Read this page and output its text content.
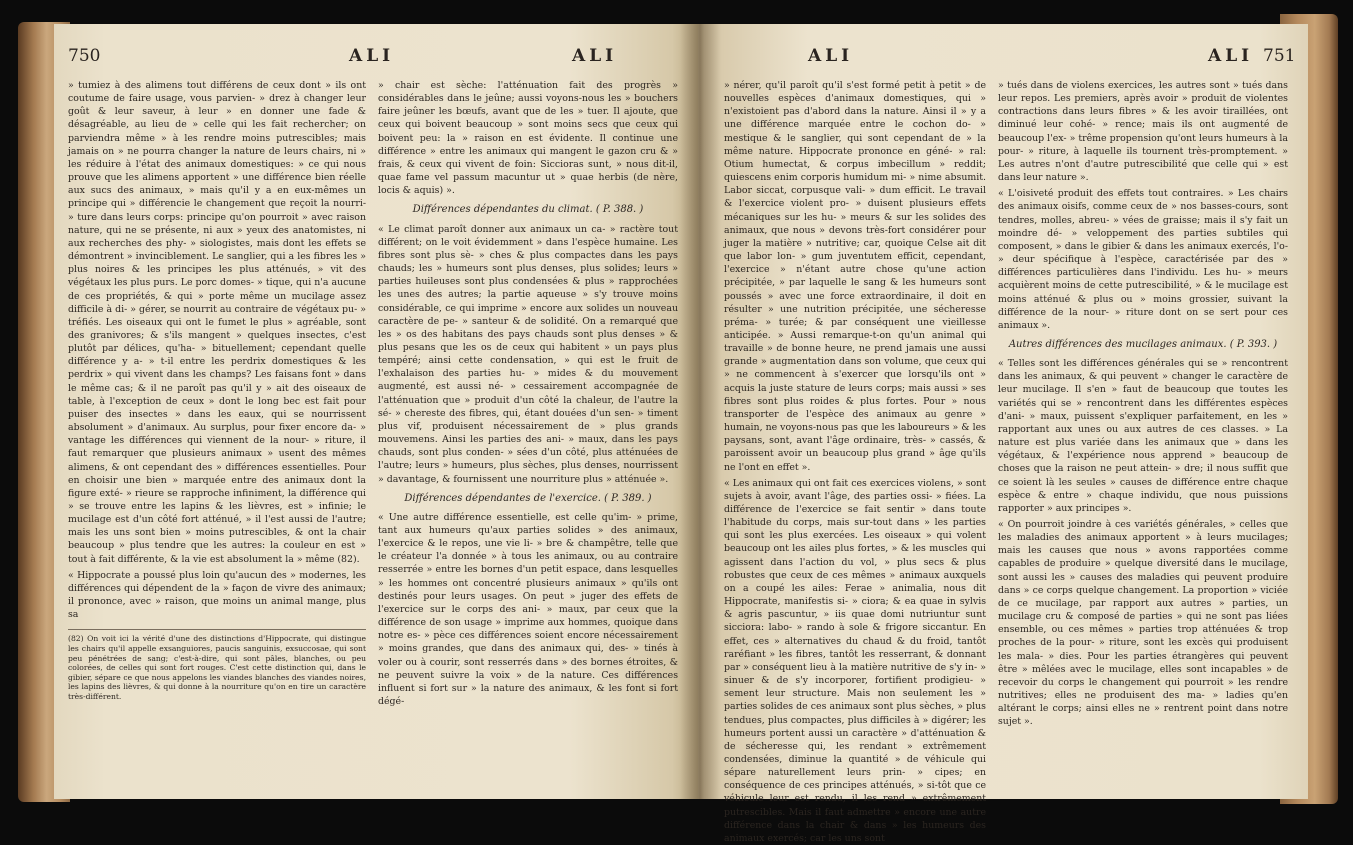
750	ALI	ALI

» tumiez à des alimens tout différens de ceux dont » ils ont coutume de faire usage, vous parvien- » drez à changer leur goût & leur saveur, à leur » en donner une fade & désagréable, au lieu de » celle qui les fait rechercher; on parviendra même » à les rendre moins putrescibles; mais jamais on » ne pourra changer la nature de leurs chairs, ni » les réduire à l'état des animaux domestiques: » ce qui nous prouve que les alimens apportent » une différence bien réelle aux sucs des animaux, » mais qu'il y a en eux-mêmes un principe qui » différencie le changement que reçoit la nourri- » ture dans leurs corps: principe qu'on pourroit » avec raison nature, qui ne se présente, ni aux » yeux des anatomistes, ni aux recherches des phy- » siologistes, mais dont les effets se démontrent » invinciblement. Le sanglier, qui a les fibres les » plus noires & les principes les plus atténués, » vit des végétaux les plus purs. Le porc domes- » tique, qui n'a aucune de ces propriétés, & qui » porte même un mucilage assez difficile à di- » gérer, se nourrit au contraire de végétaux pu- » tréfiés. Les oiseaux qui ont le fumet le plus » agréable, sont des granivores; & s'ils mangent » quelques insectes, c'est plutôt par délices, qu'ha- » bituellement; cependant quelle différence y a- » t-il entre les perdrix domestiques & les perdrix » qui vivent dans les champs? Les faisans font » dans le même cas; & il ne paroît pas qu'il y » ait des oiseaux de table, à l'exception de ceux » dont le long bec est fait pour puiser des insectes » dans les eaux, qui se nourrissent absolument » d'animaux. Au surplus, pour fixer encore da- » vantage les différences qui viennent de la nour- » riture, il faut remarquer que plusieurs animaux » usent des mêmes alimens, & ont cependant des » différences essentielles. Pour en choisir une bien » marquée entre des animaux dont la figure exté- » rieure se rapproche infiniment, la différence qui » se trouve entre les lapins & les lièvres, est » infinie; le mucilage est d'un côté fort atténué, » il l'est aussi de l'autre; mais les uns sont bien » moins putrescibles, & ont la chair beaucoup » plus tendre que les autres: la couleur en est » tout à fait différente, & la vie est absolument la » même (82).

« Hippocrate a poussé plus loin qu'aucun des » modernes, les différences qui dépendent de la » façon de vivre des animaux; il prononce, avec » raison, que moins un animal mange, plus sa

(82) On voit ici la vérité d'une des distinctions d'Hippocrate, qui distingue les chairs qu'il appelle exsanguiores, paucis sanguinis, exsuccosae, qui sont peu pénétrées de sang; c'est-à-dire, qui sont pâles, blanches, ou peu colorées, de celles qui sont fort rouges. C'est cette distinction qui, dans le gibier, sépare ce que nous appelons les viandes blanches des viandes noires, les lapins des lièvres, & qui donne à la nourriture qu'on en tire un caractère très-différent.

» chair est sèche: l'atténuation fait des progrès » considérables dans le jeûne; aussi voyons-nous les » bouchers faire jeûner les bœufs, avant que de les » tuer. Il ajoute, que ceux qui boivent beaucoup » sont moins secs que ceux qui boivent peu: la » raison en est évidente. Il continue une différence » entre les animaux qui mangent le gazon cru & » frais, & ceux qui vivent de foin: Siccioras sunt, » nous dit-il, quae fame vel passum macuntur ut » quae herbis (de nère, locis & aquis) ».

Différences dépendantes du climat. ( P. 388. )

« Le climat paroît donner aux animaux un ca- » ractère tout différent; on le voit évidemment » dans l'espèce humaine. Les fibres sont plus sè- » ches & plus compactes dans les pays chauds; les » humeurs sont plus denses, plus solides; leurs » parties huileuses sont plus condensées & plus » rapprochées les unes des autres; la partie aqueuse » s'y trouve moins considérable, ce qui imprime » encore aux solides un nouveau caractère de pe- » santeur & de solidité. On a remarqué que les » os des habitans des pays chauds sont plus denses » & plus pesans que les os de ceux qui habitent » un pays plus tempéré; ainsi cette condensation, » qui est le fruit de l'exhalaison des parties hu- » mides & du mouvement augmenté, est aussi né- » cessairement accompagnée de l'atténuation que » produit d'un côté la chaleur, de l'autre la sé- » chereste des fibres, qui, étant douées d'un sen- » timent plus vif, produisent nécessairement de » plus grands mouvemens. Ainsi les parties des ani- » maux, dans les pays chauds, sont plus conden- » sées d'un côté, plus atténuées de l'autre; leurs » humeurs, plus sèches, plus denses, nourrissent » davantage, & fournissent une nourriture plus » atténuée ».

Différences dépendantes de l'exercice. ( P. 389. )

« Une autre différence essentielle, est celle qu'im- » prime, tant aux humeurs qu'aux parties solides » des animaux, l'exercice & le repos, une vie li- » bre & champêtre, telle que le créateur l'a donnée » à tous les animaux, ou au contraire resserrée » entre les bornes d'un petit espace, dans lesquelles » les hommes ont concentré plusieurs animaux » qu'ils ont destinés pour leurs usages. On peut » juger des effets de l'exercice sur le corps des ani- » maux, par ceux que la différence de son usage » imprime aux hommes, quoique dans notre es- » pèce ces différences soient encore nécessairement » moins grandes, que dans des animaux qui, des- » tinés à voler ou à courir, sont resserrés dans » des bornes étroites, & ne peuvent suivre la voix » de la nature. Ces différences influent si fort sur » la nature des animaux, & les font si fort dégé-

ALI	ALI 751

» nérer, qu'il paroît qu'il s'est formé petit à petit » de nouvelles espèces d'animaux domestiques, qui » n'existoient pas d'abord dans la nature. Ainsi il » y a une différence marquée entre le cochon do- » mestique & le sanglier, qui sont cependant de » la même nature. Hippocrate prononce en géné- » ral: Otium humectat, & corpus imbecillum » reddit; quiescens enim corporis humidum mi- » nime absumit. Labor siccat, corpusque vali- » dum efficit. Le travail & l'exercice violent pro- » duisent plusieurs effets mécaniques sur les hu- » meurs & sur les solides des animaux, que nous » devons très-fort considérer pour juger la matière » nutritive; car, quoique Celse ait dit que labor lon- » gum juventutem efficit, cependant, l'exercice » n'étant autre chose qu'une action précipitée, » par laquelle le sang & les humeurs sont poussés » avec une force extraordinaire, il doit en résulter » une nutrition précipitée, une sécheresse préma- » turée; & par conséquent une vieillesse anticipée. » Aussi remarque-t-on qu'un animal qui travaille » de bonne heure, ne prend jamais une aussi grande » augmentation dans son volume, que ceux qui » ne commencent à s'exercer que lorsqu'ils ont » acquis la juste stature de leurs corps; mais aussi » ses fibres sont plus roides & plus fortes. Pour » nous transporter de l'espèce des animaux au genre » humain, ne voyons-nous pas que les laboureurs » & les paysans, sont, avant l'âge ordinaire, très- » cassés, & paroissent avoir un beaucoup plus grand » âge qu'ils ne l'ont en effet ».

« Les animaux qui ont fait ces exercices violens, » sont sujets à avoir, avant l'âge, des parties ossi- » fiées. La différence de l'exercice se fait sentir » dans toute l'habitude du corps, mais sur-tout dans » les parties qui sont les plus exercées. Les oiseaux » qui volent beaucoup ont les ailes plus fortes, » & les muscles qui agissent dans l'action du vol, » plus secs & plus robustes que ceux de ces mêmes » animaux auxquels on a coupé les ailes: Ferae » animalia, nous dit Hippocrate, manifestis si- » ciora; & ea quae in sylvis & agris pascuntur, » iis quae domi nutriuntur sunt sicciora: labo- » rando à sole & frigore siccantur. En effet, ces » alternatives du chaud & du froid, tantôt raréfiant » les fibres, tantôt les resserrant, & donnant par » conséquent lieu à la matière nutritive de s'y in- » sinuer & de s'y incorporer, fortifient prodigieu- » sement leur structure. Mais non seulement les » parties solides de ces animaux sont plus sèches, » plus tendues, plus compactes, plus difficiles à » digérer; les humeurs portent aussi un caractère » d'atténuation & de sécheresse qui, les rendant » extrêmement condensées, diminue la quantité » de véhicule qui sépare naturellement leurs prin- » cipes; en conséquence de ces principes atténués, » si-tôt que ce véhicule leur est rendu, il les rend » extrêmement putrescibles. Mais il faut admettre » encore une autre différence dans la chair & dans » les humeurs des animaux exercés; car les uns sont

» tués dans de violens exercices, les autres sont » tués dans leur repos. Les premiers, après avoir » produit de violentes contractions dans leurs fibres » & les avoir tiraillées, ont diminué leur cohé- » rence; mais ils ont augmenté de beaucoup l'ex- » trême propension qu'ont leurs humeurs à la pour- » riture, à laquelle ils tournent très-promptement. » Les autres n'ont d'autre putrescibilité que celle qui » est dans leur nature ».

« L'oisiveté produit des effets tout contraires. » Les chairs des animaux oisifs, comme ceux de » nos basses-cours, sont tendres, molles, abreu- » vées de graisse; mais il s'y fait un moindre dé- » veloppement des parties subtiles qui composent, » dans le gibier & dans les animaux exercés, l'o- » deur spécifique à l'espèce, caractérisée par des » différences particulières dans l'individu. Les hu- » meurs acquièrent moins de cette putrescibilité, » & le mucilage est moins atténué & plus ou » moins grossier, suivant la différence de la nour- » riture dont on se sert pour ces animaux ».

Autres différences des mucilages animaux. ( P. 393. )

« Telles sont les différences générales qui se » rencontrent dans les animaux, & qui peuvent » changer le caractère de leur mucilage. Il s'en » faut de beaucoup que toutes les variétés qui se » rencontrent dans les différentes espèces d'ani- » maux, puissent s'expliquer parfaitement, en les » rapportant aux unes ou aux autres de ces classes. » La nature est plus variée dans les animaux que » dans les végétaux, & l'expérience nous apprend » beaucoup de choses que la raison ne peut attein- » dre; il nous suffit que ce soient là les seules » causes de différence entre chaque espèce & entre » chaque individu, que nous puissions rapporter » aux principes ».

« On pourroit joindre à ces variétés générales, » celles que les maladies des animaux apportent » à leurs mucilages; mais les causes que nous » avons rapportées comme capables de produire » quelque diversité dans le mucilage, sont aussi les » causes des maladies qui peuvent produire dans » ce corps quelque changement. La proportion » viciée de ce mucilage, par rapport aux autres » parties, un mucilage cru & composé de parties » qui ne sont pas liées ensemble, ou ces mêmes » parties trop atténuées & trop proches de la pour- » riture, sont les excès qui produisent les mala- » dies. Pour les parties étrangères qui peuvent être » mêlées avec le mucilage, elles sont incapables » de recevoir du corps le changement qui pourroit » les rendre nutritives; elles ne produisent des ma- » ladies qu'en altérant le corps; ainsi elles ne » rentrent point dans notre sujet ».
